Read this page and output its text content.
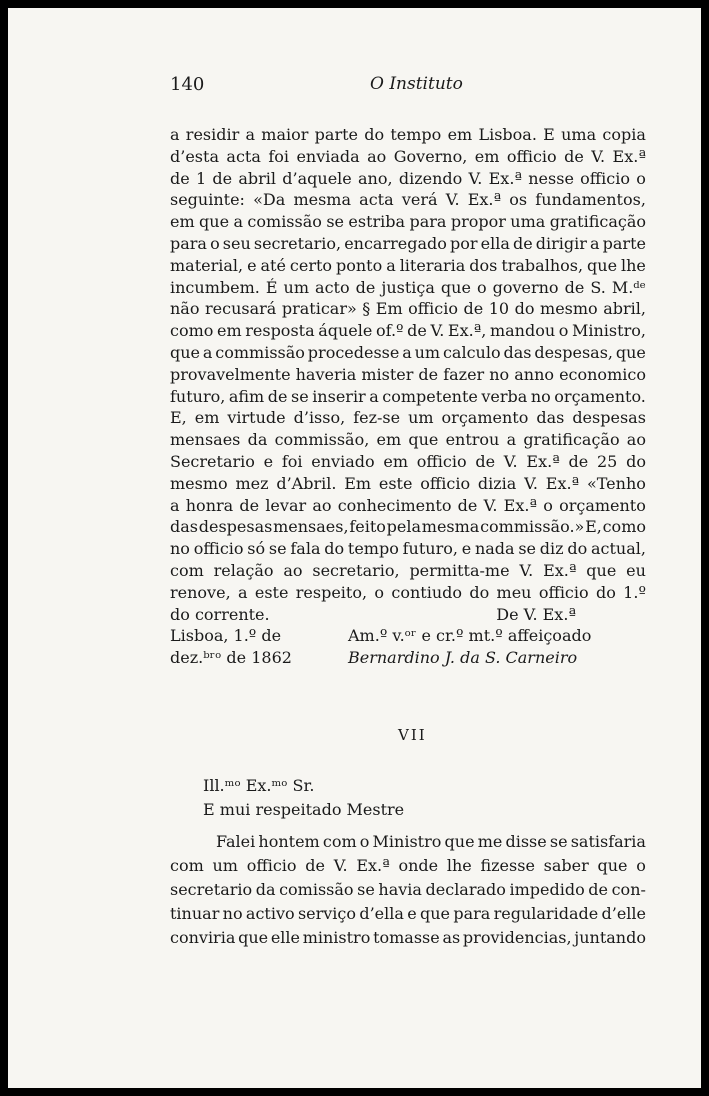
140	O Instituto
a residir a maior parte do tempo em Lisboa. E uma copia
d’esta acta foi enviada ao Governo, em officio de V. Ex.ª
de 1 de abril d’aquele ano, dizendo V. Ex.ª nesse officio o
seguinte: «Da mesma acta verá V. Ex.ª os fundamentos,
em que a comissão se estriba para propor uma gratificação
para o seu secretario, encarregado por ella de dirigir a parte
material, e até certo ponto a literaria dos trabalhos, que lhe
incumbem. É um acto de justiça que o governo de S. M.ᵈᵉ
não recusará praticar» § Em officio de 10 do mesmo abril,
como em resposta áquele of.º de V. Ex.ª, mandou o Ministro,
que a commissão procedesse a um calculo das despesas, que
provavelmente haveria mister de fazer no anno economico
futuro, afim de se inserir a competente verba no orçamento.
E, em virtude d’isso, fez-se um orçamento das despesas
mensaes da commissão, em que entrou a gratificação ao
Secretario e foi enviado em officio de V. Ex.ª de 25 do
mesmo mez d’Abril. Em este officio dizia V. Ex.ª «Tenho
a honra de levar ao conhecimento de V. Ex.ª o orçamento
das despesas mensaes, feito pela mesma commissão.» E, como
no officio só se fala do tempo futuro, e nada se diz do actual,
com relação ao secretario, permitta-me V. Ex.ª que eu
renove, a este respeito, o contiudo do meu officio do 1.º
do corrente.	De V. Ex.ª
Lisboa, 1.º de	Am.º v.ᵒʳ e cr.º mt.º affeiçoado
dez.ᵇʳᵒ de 1862	Bernardino J. da S. Carneiro
VII
Ill.ᵐᵒ Ex.ᵐᵒ Sr.
E mui respeitado Mestre
Falei hontem com o Ministro que me disse se satisfaria
com um officio de V. Ex.ª onde lhe fizesse saber que o
secretario da comissão se havia declarado impedido de con-
tinuar no activo serviço d’ella e que para regularidade d’elle
conviria que elle ministro tomasse as providencias, juntando
